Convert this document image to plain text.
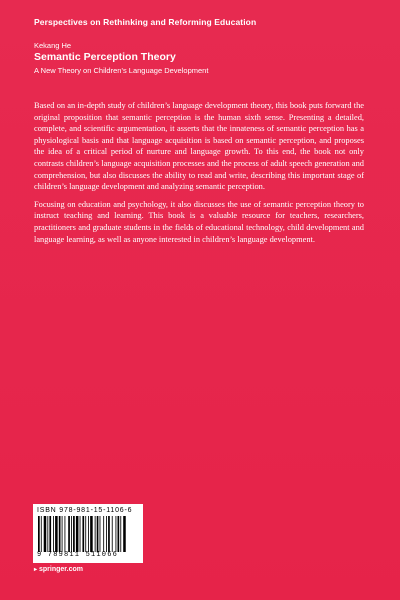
Perspectives on Rethinking and Reforming Education
Kekang He
Semantic Perception Theory
A New Theory on Children’s Language Development

Based on an in-depth study of children’s language development theory, this book puts forward the original proposition that semantic perception is the human sixth sense. Presenting a detailed, complete, and scientific argumentation, it asserts that the innateness of semantic perception has a physiological basis and that language acquisition is based on semantic perception, and proposes the idea of a critical period of nurture and language growth. To this end, the book not only contrasts children’s language acquisition processes and the process of adult speech generation and comprehension, but also discusses the ability to read and write, describing this important stage of children’s language development and analyzing semantic perception.

Focusing on education and psychology, it also discusses the use of semantic perception theory to instruct teaching and learning. This book is a valuable resource for teachers, researchers, practitioners and graduate students in the fields of educational technology, child development and language learning, as well as anyone interested in children’s language development.

ISBN 978-981-15-1106-6
9 789811 511066
▸ springer.com
